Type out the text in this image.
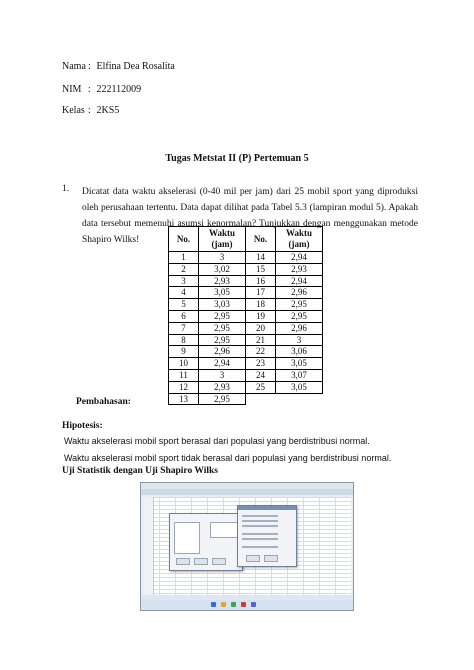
Nama : Elfina Dea Rosalita
NIM : 222112009
Kelas : 2KS5
Tugas Metstat II (P) Pertemuan 5
1. Dicatat data waktu akselerasi (0-40 mil per jam) dari 25 mobil sport yang diproduksi oleh perusahaan tertentu. Data dapat dilihat pada Tabel 5.3 (lampiran modul 5). Apakah data tersebut memenuhi asumsi kenormalan? Tunjukkan dengan menggunakan metode Shapiro Wilks!	No.	Waktu (jam)	No.	Waktu (jam)
1	3	14	2,94
2	3,02	15	2,93
3	2,93	16	2,94
4	3,05	17	2,96
5	3,03	18	2,95
6	2,95	19	2,95
7	2,95	20	2,96
8	2,95	21	3
9	2,96	22	3,06
10	2,94	23	3,05
11	3	24	3,07
12	2,93	25	3,05
13	2,95		
Pembahasan:
Hipotesis:
Waktu akselerasi mobil sport berasal dari populasi yang berdistribusi normal.
Waktu akselerasi mobil sport tidak berasal dari populasi yang berdistribusi normal.
Uji Statistik dengan Uji Shapiro Wilks
